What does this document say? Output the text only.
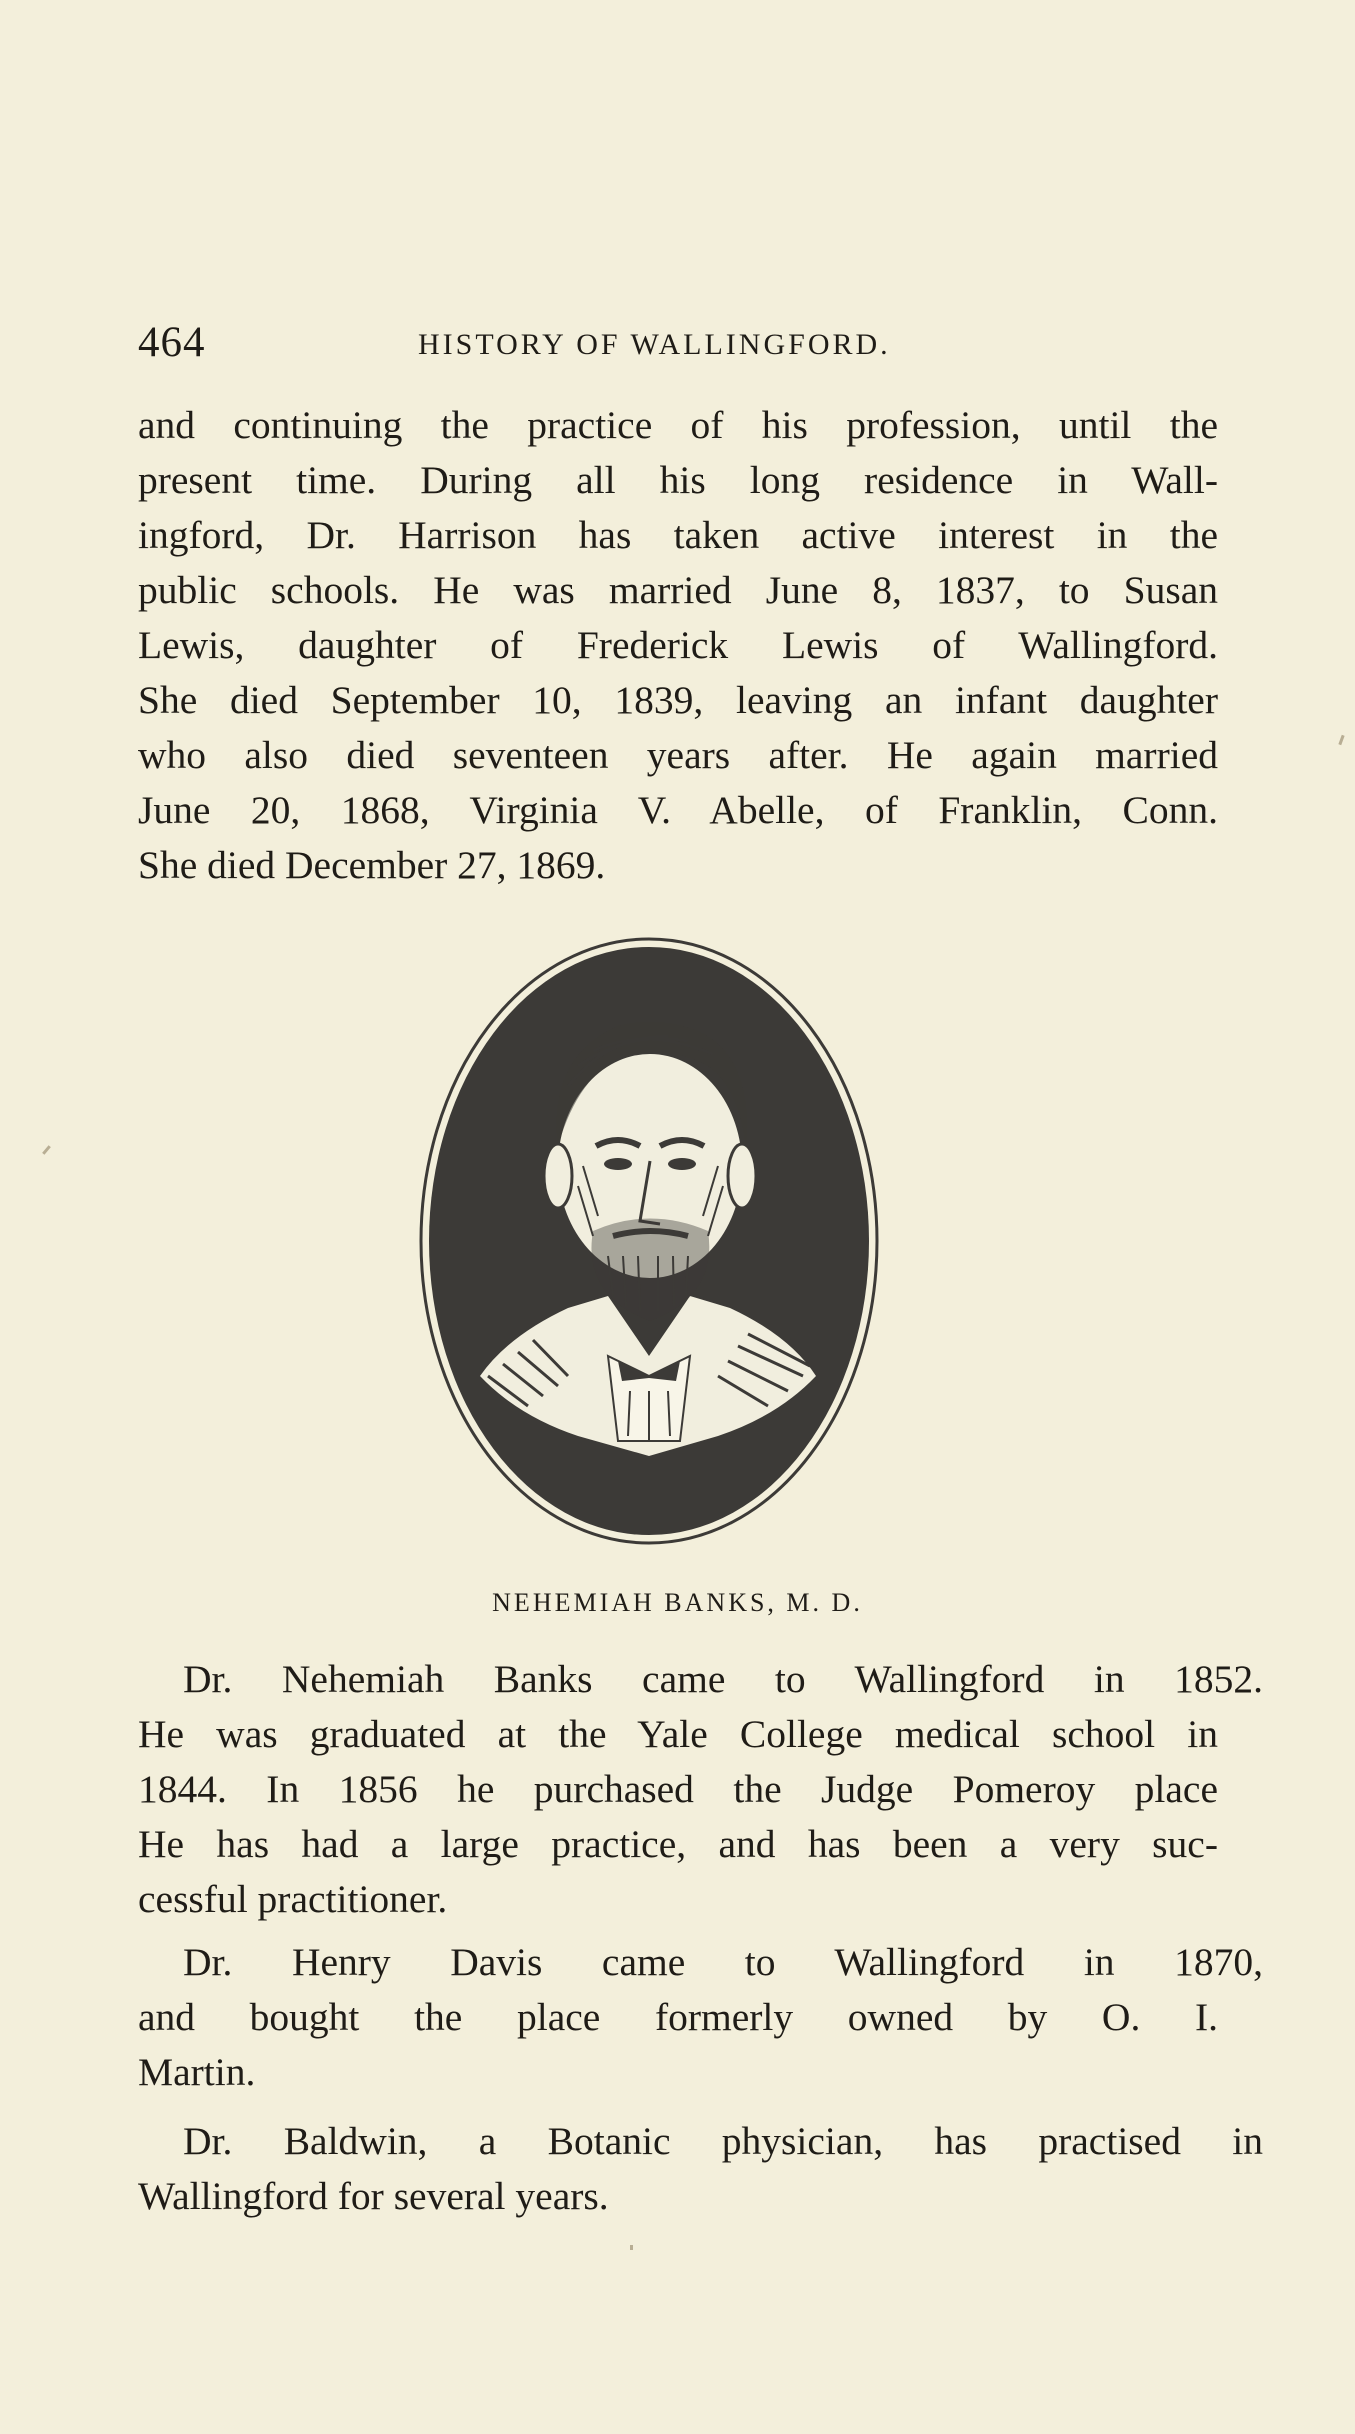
464	HISTORY OF WALLINGFORD.
and continuing the practice of his profession, until the
present time. During all his long residence in Wall-
ingford, Dr. Harrison has taken active interest in the
public schools. He was married June 8, 1837, to Susan
Lewis, daughter of Frederick Lewis of Wallingford.
She died September 10, 1839, leaving an infant daughter
who also died seventeen years after. He again married
June 20, 1868, Virginia V. Abelle, of Franklin, Conn.
She died December 27, 1869.
NEHEMIAH BANKS, M. D.
Dr. Nehemiah Banks came to Wallingford in 1852.
He was graduated at the Yale College medical school in
1844. In 1856 he purchased the Judge Pomeroy place
He has had a large practice, and has been a very suc-
cessful practitioner.
Dr. Henry Davis came to Wallingford in 1870,
and bought the place formerly owned by O. I.
Martin.
Dr. Baldwin, a Botanic physician, has practised in
Wallingford for several years.
